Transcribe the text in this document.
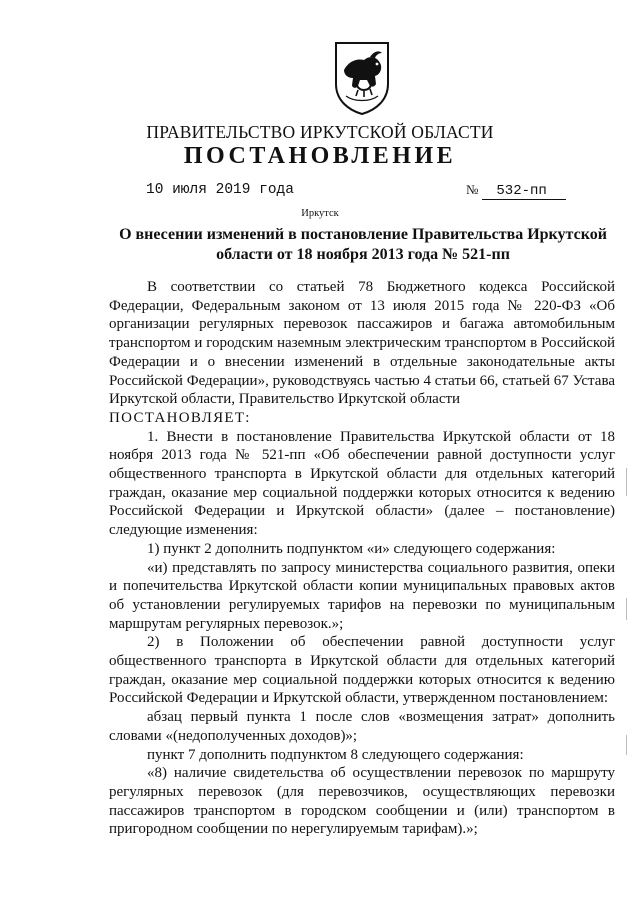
ПРАВИТЕЛЬСТВО ИРКУТСКОЙ ОБЛАСТИ
ПОСТАНОВЛЕНИЕ
10 июля 2019 года	№ 532-пп
Иркутск
О внесении изменений в постановление Правительства Иркутской области от 18 ноября 2013 года № 521-пп

В соответствии со статьей 78 Бюджетного кодекса Российской Федерации, Федеральным законом от 13 июля 2015 года № 220-ФЗ «Об организации регулярных перевозок пассажиров и багажа автомобильным транспортом и городским наземным электрическим транспортом в Российской Федерации и о внесении изменений в отдельные законодательные акты Российской Федерации», руководствуясь частью 4 статьи 66, статьей 67 Устава Иркутской области, Правительство Иркутской области

ПОСТАНОВЛЯЕТ:

1. Внести в постановление Правительства Иркутской области от 18 ноября 2013 года № 521-пп «Об обеспечении равной доступности услуг общественного транспорта в Иркутской области для отдельных категорий граждан, оказание мер социальной поддержки которых относится к ведению Российской Федерации и Иркутской области» (далее – постановление) следующие изменения:

1) пункт 2 дополнить подпунктом «и» следующего содержания:

«и) представлять по запросу министерства социального развития, опеки и попечительства Иркутской области копии муниципальных правовых актов об установлении регулируемых тарифов на перевозки по муниципальным маршрутам регулярных перевозок.»;

2) в Положении об обеспечении равной доступности услуг общественного транспорта в Иркутской области для отдельных категорий граждан, оказание мер социальной поддержки которых относится к ведению Российской Федерации и Иркутской области, утвержденном постановлением:

абзац первый пункта 1 после слов «возмещения затрат» дополнить словами «(недополученных доходов)»;

пункт 7 дополнить подпунктом 8 следующего содержания:

«8) наличие свидетельства об осуществлении перевозок по маршруту регулярных перевозок (для перевозчиков, осуществляющих перевозки пассажиров транспортом в городском сообщении и (или) транспортом в пригородном сообщении по нерегулируемым тарифам).»;
